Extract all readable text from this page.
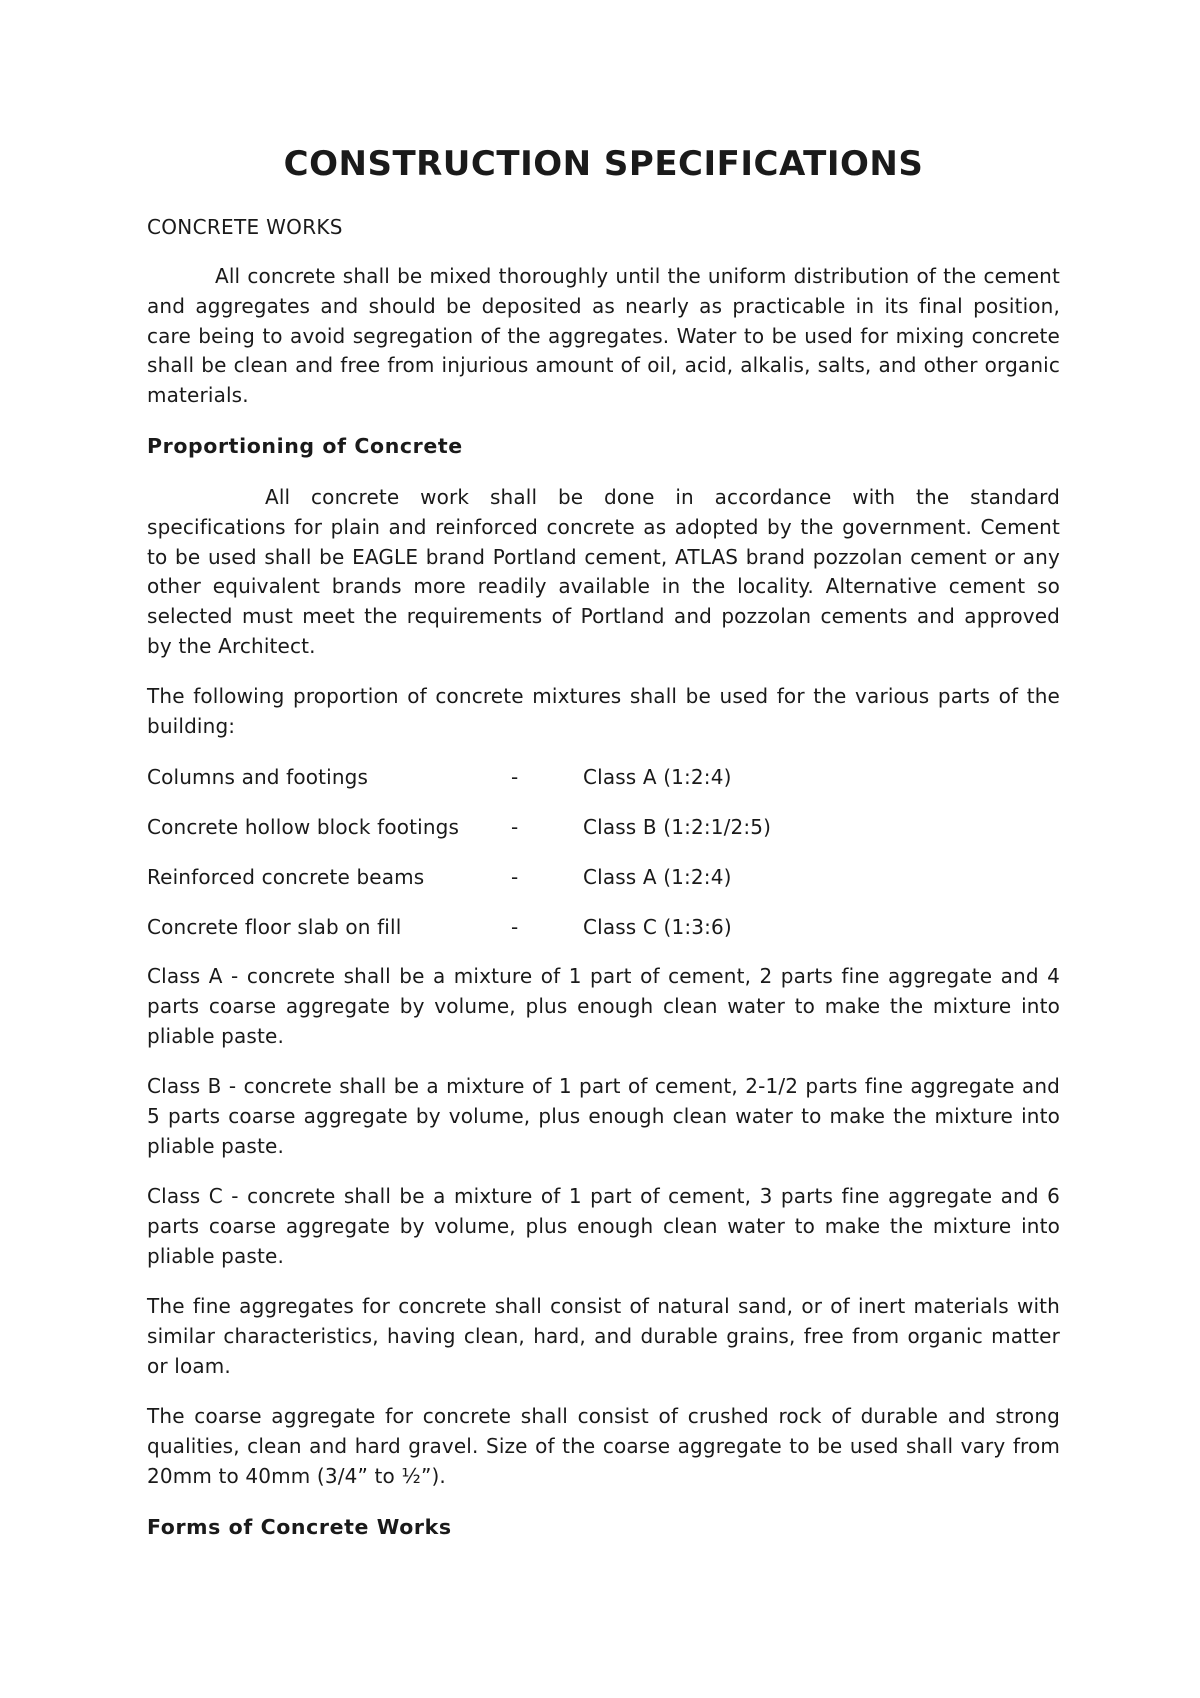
CONSTRUCTION SPECIFICATIONS
CONCRETE WORKS

All concrete shall be mixed thoroughly until the uniform distribution of the cement and aggregates and should be deposited as nearly as practicable in its final position, care being to avoid segregation of the aggregates. Water to be used for mixing concrete shall be clean and free from injurious amount of oil, acid, alkalis, salts, and other organic materials.

Proportioning of Concrete

All concrete work shall be done in accordance with the standard specifications for plain and reinforced concrete as adopted by the government. Cement to be used shall be EAGLE brand Portland cement, ATLAS brand pozzolan cement or any other equivalent brands more readily available in the locality. Alternative cement so selected must meet the requirements of Portland and pozzolan cements and approved by the Architect.

The following proportion of concrete mixtures shall be used for the various parts of the building:

Columns and footings	-	Class A (1:2:4)
Concrete hollow block footings	-	Class B (1:2:1/2:5)
Reinforced concrete beams	-	Class A (1:2:4)
Concrete floor slab on fill	-	Class C (1:3:6)

Class A - concrete shall be a mixture of 1 part of cement, 2 parts fine aggregate and 4 parts coarse aggregate by volume, plus enough clean water to make the mixture into pliable paste.

Class B - concrete shall be a mixture of 1 part of cement, 2-1/2 parts fine aggregate and 5 parts coarse aggregate by volume, plus enough clean water to make the mixture into pliable paste.

Class C - concrete shall be a mixture of 1 part of cement, 3 parts fine aggregate and 6 parts coarse aggregate by volume, plus enough clean water to make the mixture into pliable paste.

The fine aggregates for concrete shall consist of natural sand, or of inert materials with similar characteristics, having clean, hard, and durable grains, free from organic matter or loam.

The coarse aggregate for concrete shall consist of crushed rock of durable and strong qualities, clean and hard gravel. Size of the coarse aggregate to be used shall vary from 20mm to 40mm (3/4” to ½”).

Forms of Concrete Works
